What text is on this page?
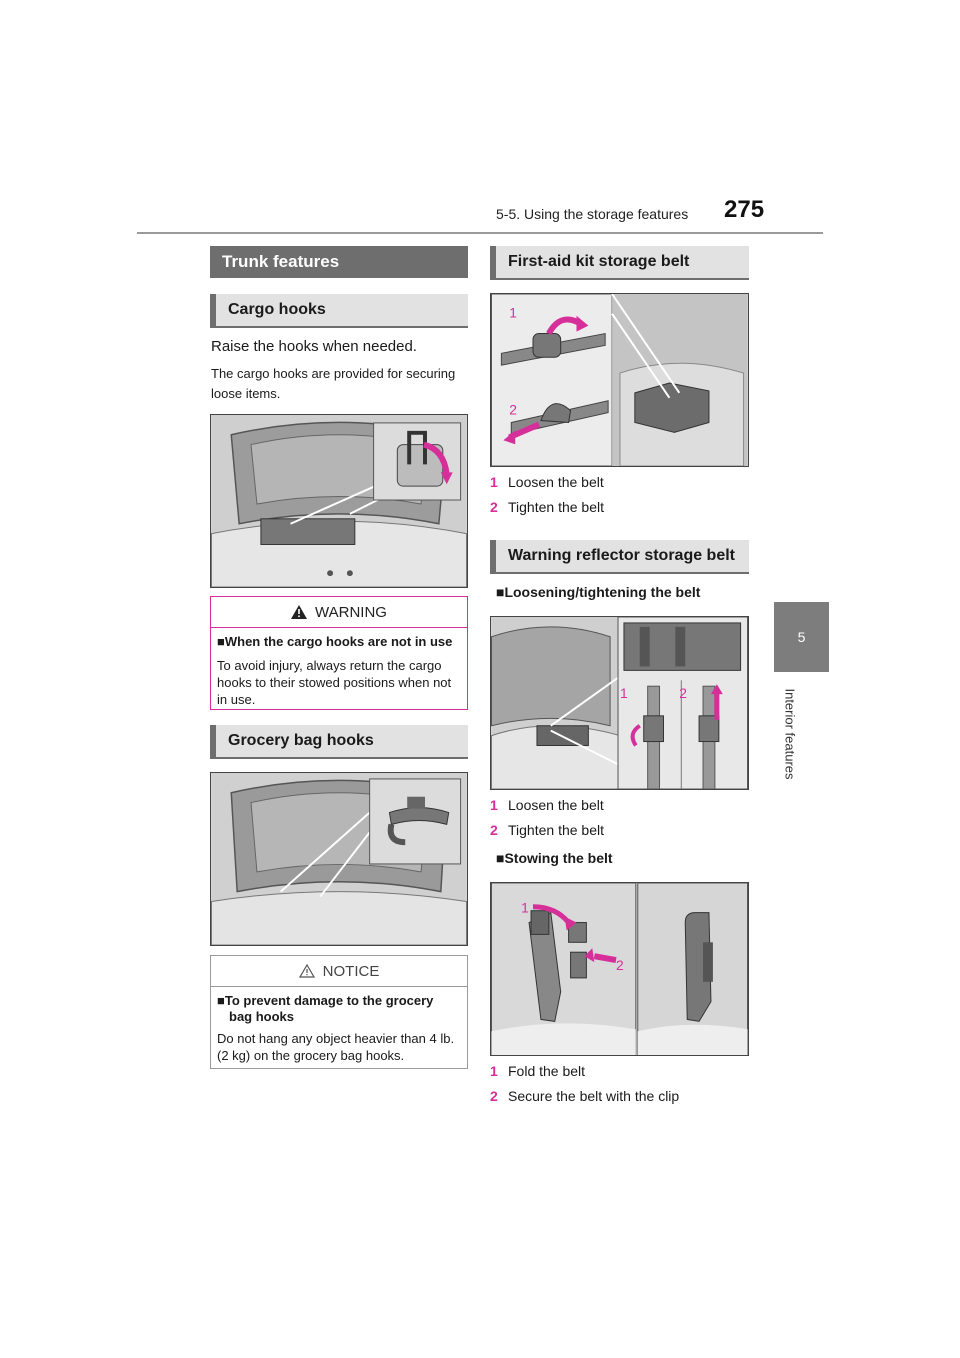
5-5. Using the storage features 275
5
Interior features
Trunk features
Cargo hooks
Raise the hooks when needed.
The cargo hooks are provided for securing
loose items.
WARNING
■When the cargo hooks are not in use
To avoid injury, always return the cargo
hooks to their stowed positions when not
in use.
Grocery bag hooks
NOTICE
■To prevent damage to the grocery
bag hooks
Do not hang any object heavier than 4 lb.
(2 kg) on the grocery bag hooks.
First-aid kit storage belt
1
2
1 Loosen the belt
2 Tighten the belt
Warning reflector storage belt
■Loosening/tightening the belt
1	2
1 Loosen the belt
2 Tighten the belt
■Stowing the belt
1
2
1 Fold the belt
2 Secure the belt with the clip
